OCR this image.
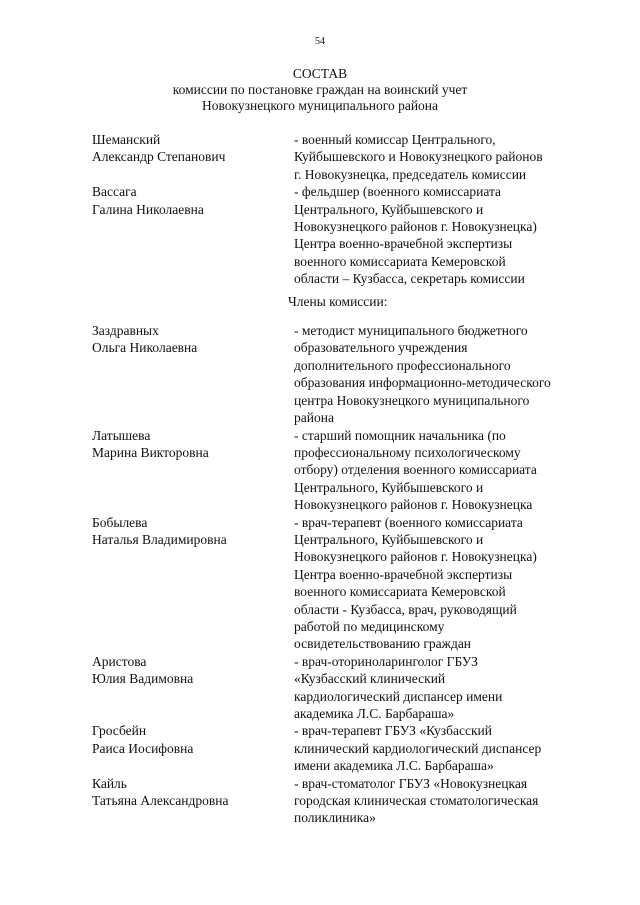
54
СОСТАВ
комиссии по постановке граждан на воинский учет
Новокузнецкого муниципального района
Шеманский
Александр Степанович
- военный комиссар Центрального,
Куйбышевского и Новокузнецкого районов
г. Новокузнецка, председатель комиссии
Вассага
Галина Николаевна
- фельдшер (военного комиссариата
Центрального, Куйбышевского и
Новокузнецкого районов г. Новокузнецка)
Центра военно-врачебной экспертизы
военного комиссариата Кемеровской
области – Кузбасса, секретарь комиссии
Члены комиссии:
Заздравных
Ольга Николаевна
- методист муниципального бюджетного
образовательного учреждения
дополнительного профессионального
образования информационно-методического
центра Новокузнецкого муниципального
района
Латышева
Марина Викторовна
- старший помощник начальника (по
профессиональному психологическому
отбору) отделения военного комиссариата
Центрального, Куйбышевского и
Новокузнецкого районов г. Новокузнецка
Бобылева
Наталья Владимировна
- врач-терапевт (военного комиссариата
Центрального, Куйбышевского и
Новокузнецкого районов г. Новокузнецка)
Центра военно-врачебной экспертизы
военного комиссариата Кемеровской
области - Кузбасса, врач, руководящий
работой по медицинскому
освидетельствованию граждан
Аристова
Юлия Вадимовна
- врач-оториноларинголог ГБУЗ
«Кузбасский клинический
кардиологический диспансер имени
академика Л.С. Барбараша»
Гросбейн
Раиса Иосифовна
- врач-терапевт ГБУЗ «Кузбасский
клинический кардиологический диспансер
имени академика Л.С. Барбараша»
Кайль
Татьяна Александровна
- врач-стоматолог ГБУЗ «Новокузнецкая
городская клиническая стоматологическая
поликлиника»
